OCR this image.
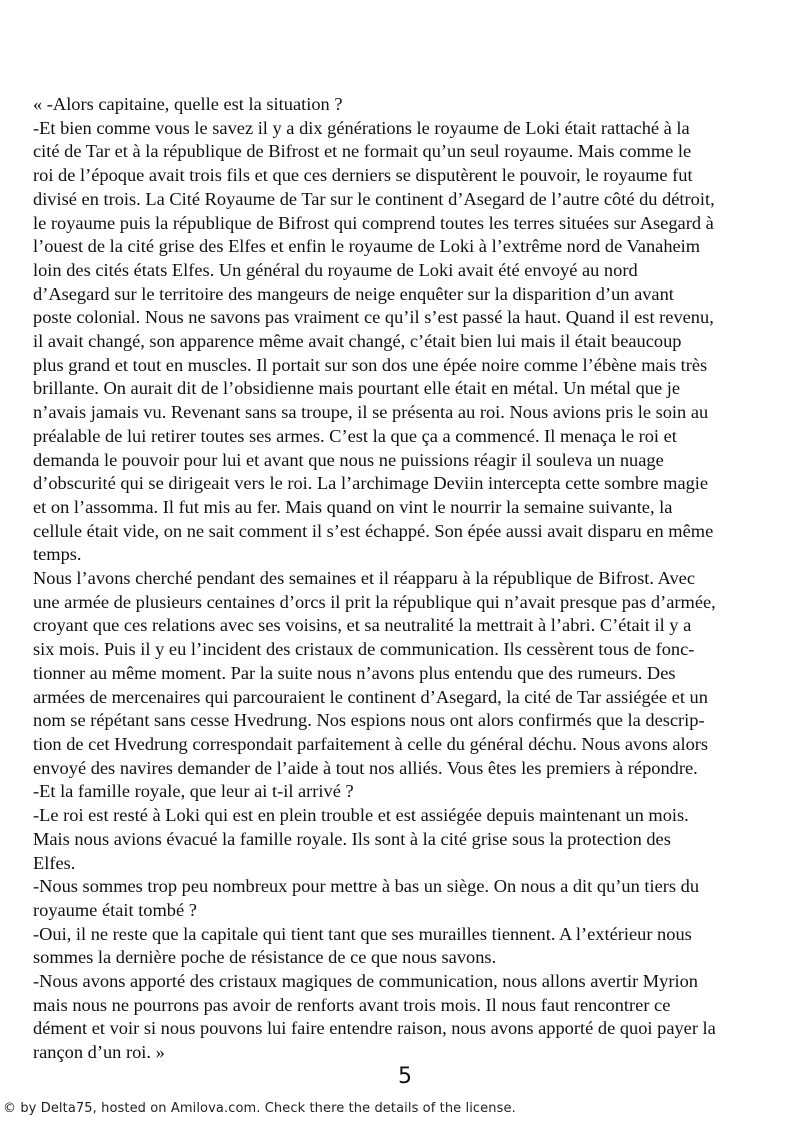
« -Alors capitaine, quelle est la situation ?

-Et bien comme vous le savez il y a dix générations le royaume de Loki était rattaché à la
cité de Tar et à la république de Bifrost et ne formait qu’un seul royaume. Mais comme le
roi de l’époque avait trois fils et que ces derniers se disputèrent le pouvoir, le royaume fut
divisé en trois. La Cité Royaume de Tar sur le continent d’Asegard de l’autre côté du détroit,
le royaume puis la république de Bifrost qui comprend toutes les terres situées sur Asegard à
l’ouest de la cité grise des Elfes et enfin le royaume de Loki à l’extrême nord de Vanaheim
loin des cités états Elfes. Un général du royaume de Loki avait été envoyé au nord
d’Asegard sur le territoire des mangeurs de neige enquêter sur la disparition d’un avant
poste colonial. Nous ne savons pas vraiment ce qu’il s’est passé la haut. Quand il est revenu,
il avait changé, son apparence même avait changé, c’était bien lui mais il était beaucoup
plus grand et tout en muscles. Il portait sur son dos une épée noire comme l’ébène mais très
brillante. On aurait dit de l’obsidienne mais pourtant elle était en métal. Un métal que je
n’avais jamais vu. Revenant sans sa troupe, il se présenta au roi. Nous avions pris le soin au
préalable de lui retirer toutes ses armes. C’est la que ça a commencé. Il menaça le roi et
demanda le pouvoir pour lui et avant que nous ne puissions réagir il souleva un nuage
d’obscurité qui se dirigeait vers le roi. La l’archimage Deviin intercepta cette sombre magie
et on l’assomma. Il fut mis au fer. Mais quand on vint le nourrir la semaine suivante, la
cellule était vide, on ne sait comment il s’est échappé. Son épée aussi avait disparu en même
temps.

Nous l’avons cherché pendant des semaines et il réapparu à la république de Bifrost. Avec
une armée de plusieurs centaines d’orcs il prit la république qui n’avait presque pas d’armée,
croyant que ces relations avec ses voisins, et sa neutralité la mettrait à l’abri. C’était il y a
six mois. Puis il y eu l’incident des cristaux de communication. Ils cessèrent tous de fonc-
tionner au même moment. Par la suite nous n’avons plus entendu que des rumeurs. Des
armées de mercenaires qui parcouraient le continent d’Asegard, la cité de Tar assiégée et un
nom se répétant sans cesse Hvedrung. Nos espions nous ont alors confirmés que la descrip-
tion de cet Hvedrung correspondait parfaitement à celle du général déchu. Nous avons alors
envoyé des navires demander de l’aide à tout nos alliés. Vous êtes les premiers à répondre.

-Et la famille royale, que leur ai t-il arrivé ?

-Le roi est resté à Loki qui est en plein trouble et est assiégée depuis maintenant un mois.
Mais nous avions évacué la famille royale. Ils sont à la cité grise sous la protection des
Elfes.

-Nous sommes trop peu nombreux pour mettre à bas un siège. On nous a dit qu’un tiers du
royaume était tombé ?

-Oui, il ne reste que la capitale qui tient tant que ses murailles tiennent. A l’extérieur nous
sommes la dernière poche de résistance de ce que nous savons.

-Nous avons apporté des cristaux magiques de communication, nous allons avertir Myrion
mais nous ne pourrons pas avoir de renforts avant trois mois. Il nous faut rencontrer ce
dément et voir si nous pouvons lui faire entendre raison, nous avons apporté de quoi payer la
rançon d’un roi. »

5
© by Delta75, hosted on Amilova.com. Check there the details of the license.
